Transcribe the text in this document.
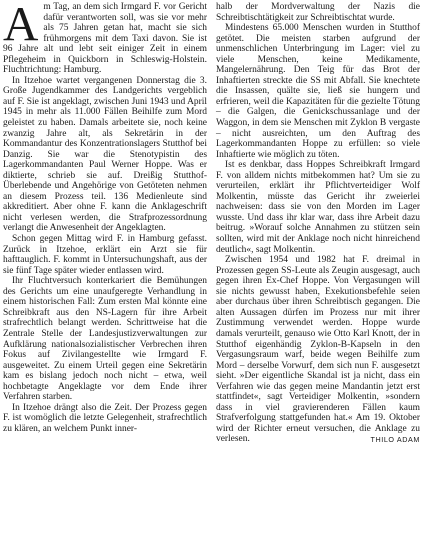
Am Tag, an dem sich Irmgard F. vor Gericht dafür verantworten soll, was sie vor mehr als 75 Jahren getan hat, macht sie sich frühmorgens mit dem Taxi davon. Sie ist 96 Jahre alt und lebt seit einiger Zeit in einem Pflegeheim in Quickborn in Schleswig-Holstein. Fluchtrichtung: Hamburg.

In Itzehoe wartet vergangenen Donnerstag die 3. Große Jugendkammer des Landgerichts vergeblich auf F. Sie ist angeklagt, zwischen Juni 1943 und April 1945 in mehr als 11.000 Fällen Beihilfe zum Mord geleistet zu haben. Damals arbeitete sie, noch keine zwanzig Jahre alt, als Sekretärin in der Kommandantur des Konzentrationslagers Stutthof bei Danzig. Sie war die Stenotypistin des Lagerkommandanten Paul Werner Hoppe. Was er diktierte, schrieb sie auf. Dreißig Stutthof-Überlebende und Angehörige von Getöteten nehmen an diesem Prozess teil. 136 Medienleute sind akkreditiert. Aber ohne F. kann die Anklageschrift nicht verlesen werden, die Strafprozessordnung verlangt die Anwesenheit der Angeklagten.

Schon gegen Mittag wird F. in Hamburg gefasst. Zurück in Itzehoe, erklärt ein Arzt sie für hafttauglich. F. kommt in Untersuchungshaft, aus der sie fünf Tage später wieder entlassen wird.

Ihr Fluchtversuch konterkariert die Bemühungen des Gerichts um eine unaufgeregte Verhandlung in einem historischen Fall: Zum ersten Mal könnte eine Schreibkraft aus den NS-Lagern für ihre Arbeit strafrechtlich belangt werden. Schrittweise hat die Zentrale Stelle der Landesjustizverwaltungen zur Aufklärung nationalsozialistischer Verbrechen ihren Fokus auf Zivilangestellte wie Irmgard F. ausgeweitet. Zu einem Urteil gegen eine Sekretärin kam es bislang jedoch noch nicht – etwa, weil hochbetagte Angeklagte vor dem Ende ihrer Verfahren starben.

In Itzehoe drängt also die Zeit. Der Prozess gegen F. ist womöglich die letzte Gelegenheit, strafrechtlich zu klären, an welchem Punkt inner-

halb der Mordverwaltung der Nazis die Schreibtischtätigkeit zur Schreibtischtat wurde.

Mindestens 65.000 Menschen wurden in Stutthof getötet. Die meisten starben aufgrund der unmenschlichen Unterbringung im Lager: viel zu viele Menschen, keine Medikamente, Mangelernährung. Den Teig für das Brot der Inhaftierten streckte die SS mit Abfall. Sie knechtete die Insassen, quälte sie, ließ sie hungern und erfrieren, weil die Kapazitäten für die gezielte Tötung – die Galgen, die Genickschussanlage und der Waggon, in dem sie Menschen mit Zyklon B vergaste – nicht ausreichten, um den Auftrag des Lagerkommandanten Hoppe zu erfüllen: so viele Inhaftierte wie möglich zu töten.

Ist es denkbar, dass Hoppes Schreibkraft Irmgard F. von alldem nichts mitbekommen hat? Um sie zu verurteilen, erklärt ihr Pflichtverteidiger Wolf Molkentin, müsste das Gericht ihr zweierlei nachweisen: dass sie von den Morden im Lager wusste. Und dass ihr klar war, dass ihre Arbeit dazu beitrug. »Worauf solche Annahmen zu stützen sein sollten, wird mit der Anklage noch nicht hinreichend deutlich«, sagt Molkentin.

Zwischen 1954 und 1982 hat F. dreimal in Prozessen gegen SS-Leute als Zeugin ausgesagt, auch gegen ihren Ex-Chef Hoppe. Von Vergasungen will sie nichts gewusst haben, Exekutionsbefehle seien aber durchaus über ihren Schreibtisch gegangen. Die alten Aussagen dürfen im Prozess nur mit ihrer Zustimmung verwendet werden. Hoppe wurde damals verurteilt, genauso wie Otto Karl Knott, der in Stutthof eigenhändig Zyklon-B-Kapseln in den Vergasungsraum warf, beide wegen Beihilfe zum Mord – derselbe Vorwurf, dem sich nun F. ausgesetzt sieht. »Der eigentliche Skandal ist ja nicht, dass ein Verfahren wie das gegen meine Mandantin jetzt erst stattfindet«, sagt Verteidiger Molkentin, »sondern dass in viel gravierenderen Fällen kaum Strafverfolgung stattgefunden hat.« Am 19. Oktober wird der Richter erneut versuchen, die Anklage zu verlesen.	THILO ADAM
